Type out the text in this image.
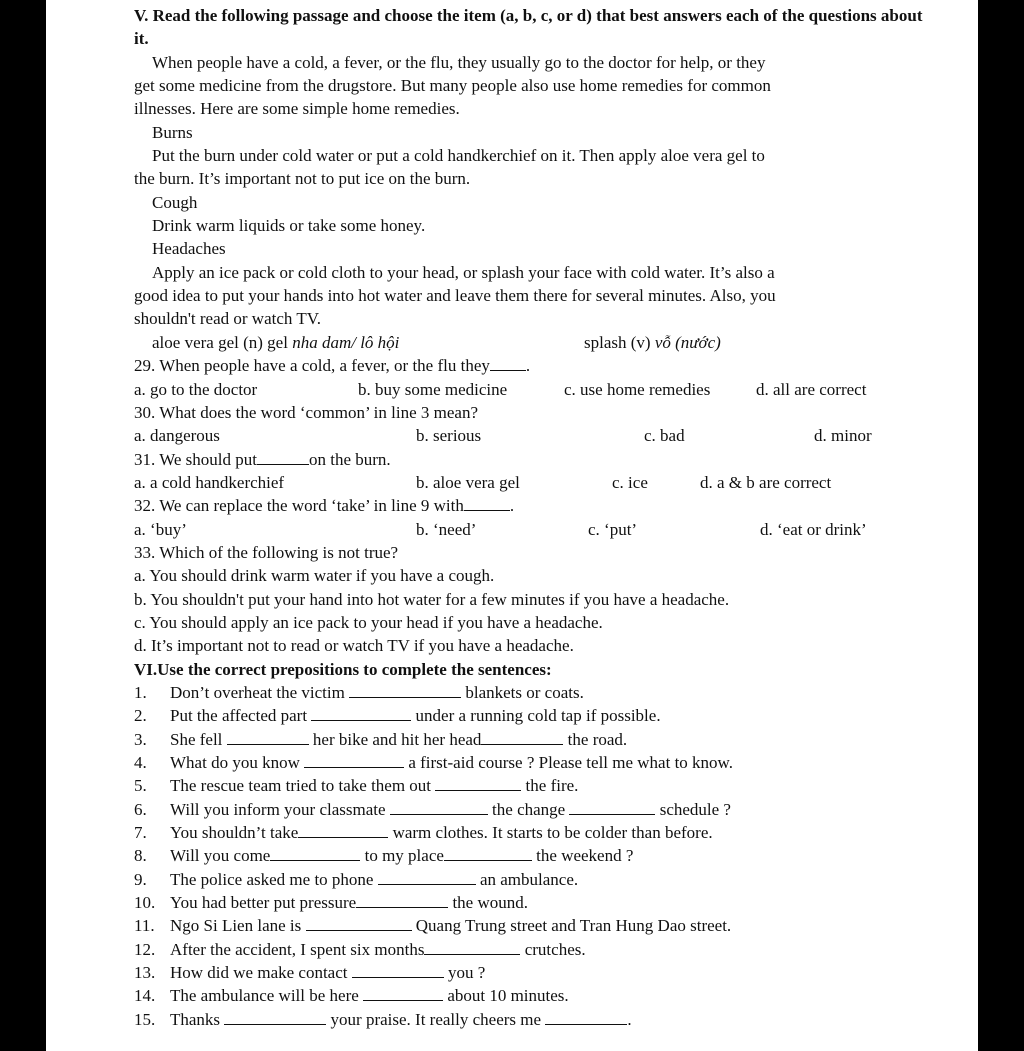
V. Read the following passage and choose the item (a, b, c, or d) that best answers each of the questions about it.
When people have a cold, a fever, or the flu, they usually go to the doctor for help, or they
get some medicine from the drugstore. But many people also use home remedies for common
illnesses. Here are some simple home remedies.
Burns
Put the burn under cold water or put a cold handkerchief on it. Then apply aloe vera gel to
the burn. It’s important not to put ice on the burn.
Cough
Drink warm liquids or take some honey.
Headaches
Apply an ice pack or cold cloth to your head, or splash your face with cold water. It’s also a
good idea to put your hands into hot water and leave them there for several minutes. Also, you
shouldn't read or watch TV.
aloe vera gel (n) gel nha dam/ lô hội	splash (v) vỗ (nước)
29. When people have a cold, a fever, or the flu they .
a. go to the doctor	b. buy some medicine	c. use home remedies	d. all are correct
30. What does the word ‘common’ in line 3 mean?
a. dangerous	b. serious	c. bad	d. minor
31. We should put	on the burn.
a. a cold handkerchief	b. aloe vera gel	c. ice	d. a & b are correct
32. We can replace the word ‘take’ in line 9 with	.
a. ‘buy’	b. ‘need’	c. ‘put’	d. ‘eat or drink’
33. Which of the following is not true?
a. You should drink warm water if you have a cough.
b. You shouldn't put your hand into hot water for a few minutes if you have a headache.
c. You should apply an ice pack to your head if you have a headache.
d. It’s important not to read or watch TV if you have a headache.
VI.Use the correct prepositions to complete the sentences:
1. Don’t overheat the victim	blankets or coats.
2. Put the affected part	under a running cold tap if possible.
3. She fell	her bike and hit her head	the road.
4. What do you know	a first-aid course ? Please tell me what to know.
5. The rescue team tried to take them out	the fire.
6. Will you inform your classmate	the change	schedule ?
7. You shouldn’t take	warm clothes. It starts to be colder than before.
8. Will you come	to my place	the weekend ?
9. The police asked me to phone	an ambulance.
10. You had better put pressure	the wound.
11. Ngo Si Lien lane is	Quang Trung street and Tran Hung Dao street.
12. After the accident, I spent six months	crutches.
13. How did we make contact	you ?
14. The ambulance will be here	about 10 minutes.
15. Thanks	your praise. It really cheers me	.
